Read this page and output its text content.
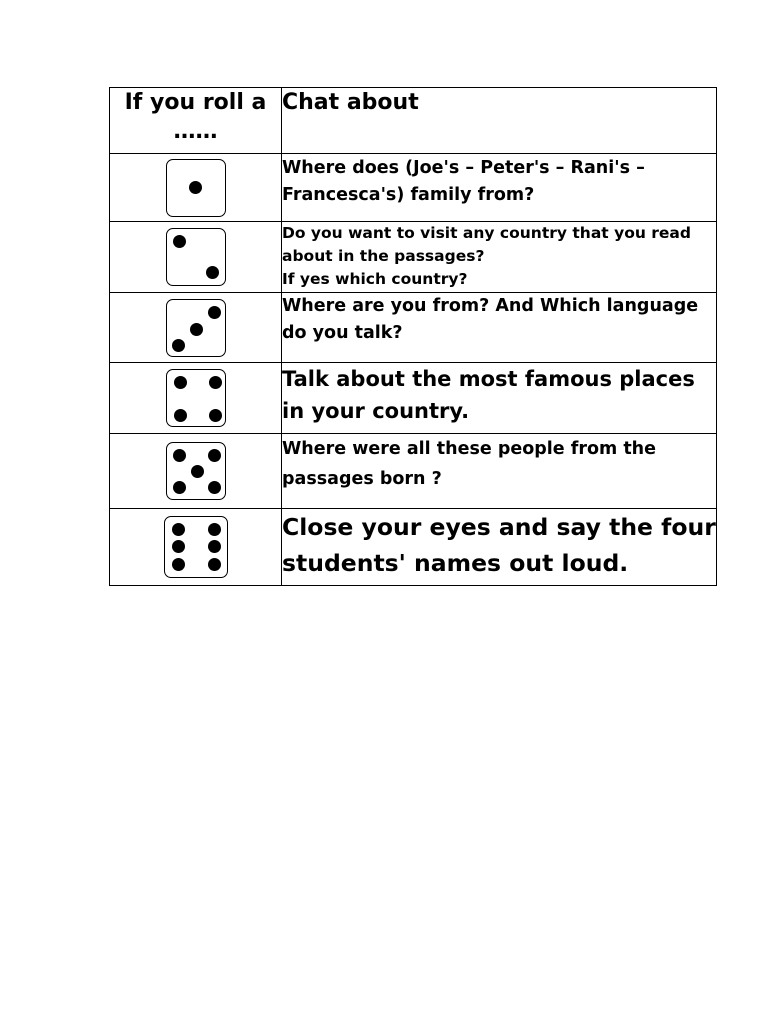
If you roll a ……	Chat about

	Where does (Joe's – Peter's – Rani's – Francesca's) family from?

	Do you want to visit any country that you read about in the passages?
If yes which country?

	Where are you from? And Which language do you talk?

	Talk about the most famous places in your country.

	Where were all these people from the passages born ?

	Close your eyes and say the four students' names out loud.
